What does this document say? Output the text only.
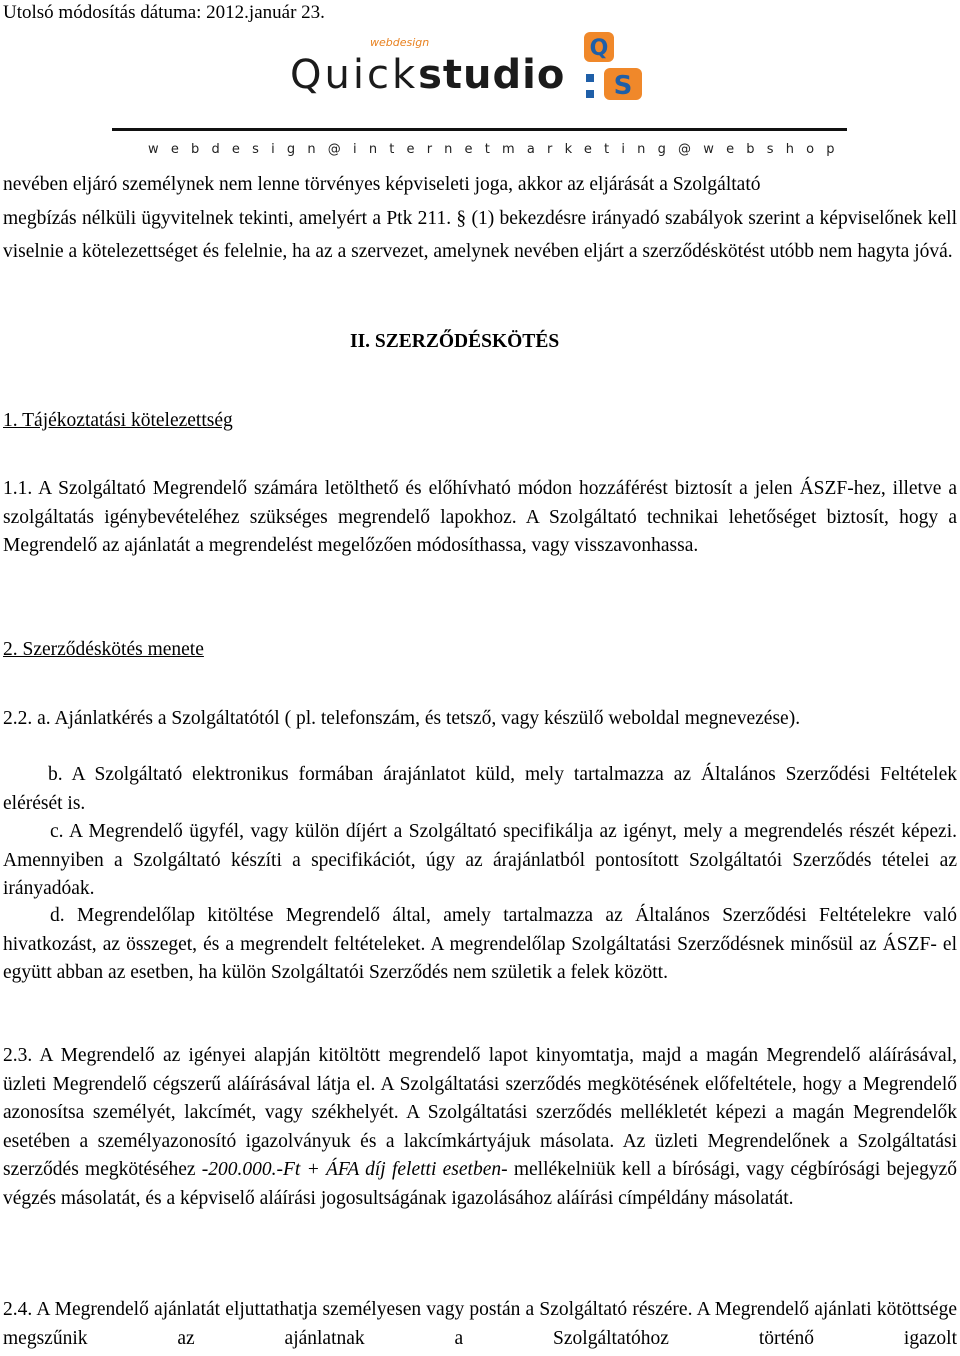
Utolsó módosítás dátuma: 2012.január 23.
webdesign
Quickstudio
Q
S
webdesign@internetmarketing@webshop

nevében eljáró személynek nem lenne törvényes képviseleti joga, akkor az eljárását a Szolgáltató

megbízás nélküli ügyvitelnek tekinti, amelyért a Ptk 211. § (1) bekezdésre irányadó szabályok szerint a képviselőnek kell viselnie a kötelezettséget és felelnie, ha az a szervezet, amelynek nevében eljárt a szerződéskötést utóbb nem hagyta jóvá.

II. SZERZŐDÉSKÖTÉS

1. Tájékoztatási kötelezettség

1.1. A Szolgáltató Megrendelő számára letölthető és előhívható módon hozzáférést biztosít a jelen ÁSZF-hez, illetve a szolgáltatás igénybevételéhez szükséges megrendelő lapokhoz. A Szolgáltató technikai lehetőséget biztosít, hogy a Megrendelő az ajánlatát a megrendelést megelőzően módosíthassa, vagy visszavonhassa.

2. Szerződéskötés menete

2.2. a. Ajánlatkérés a Szolgáltatótól ( pl. telefonszám, és tetsző, vagy készülő weboldal megnevezése).

b. A Szolgáltató elektronikus formában árajánlatot küld, mely tartalmazza az Általános Szerződési Feltételek elérését is.

c. A Megrendelő ügyfél, vagy külön díjért a Szolgáltató specifikálja az igényt, mely a megrendelés részét képezi. Amennyiben a Szolgáltató készíti a specifikációt, úgy az árajánlatból pontosított Szolgáltatói Szerződés tételei az irányadóak.

d. Megrendelőlap kitöltése Megrendelő által, amely tartalmazza az Általános Szerződési Feltételekre való hivatkozást, az összeget, és a megrendelt feltételeket. A megrendelőlap Szolgáltatási Szerződésnek minősül az ÁSZF- el együtt abban az esetben, ha külön Szolgáltatói Szerződés nem születik a felek között.

2.3. A Megrendelő az igényei alapján kitöltött megrendelő lapot kinyomtatja, majd a magán Megrendelő aláírásával, üzleti Megrendelő cégszerű aláírásával látja el. A Szolgáltatási szerződés megkötésének előfeltétele, hogy a Megrendelő azonosítsa személyét, lakcímét, vagy székhelyét. A Szolgáltatási szerződés mellékletét képezi a magán Megrendelők esetében a személyazonosító igazolványuk és a lakcímkártyájuk másolata. Az üzleti Megrendelőnek a Szolgáltatási szerződés megkötéséhez -200.000.-Ft + ÁFA díj feletti esetben- mellékelniük kell a bírósági, vagy cégbírósági bejegyző végzés másolatát, és a képviselő aláírási jogosultságának igazolásához aláírási címpéldány másolatát.

2.4. A Megrendelő ajánlatát eljuttathatja személyesen vagy postán a Szolgáltató részére. A Megrendelő ajánlati kötöttsége megszűnik az ajánlatnak a Szolgáltatóhoz történő igazolt
